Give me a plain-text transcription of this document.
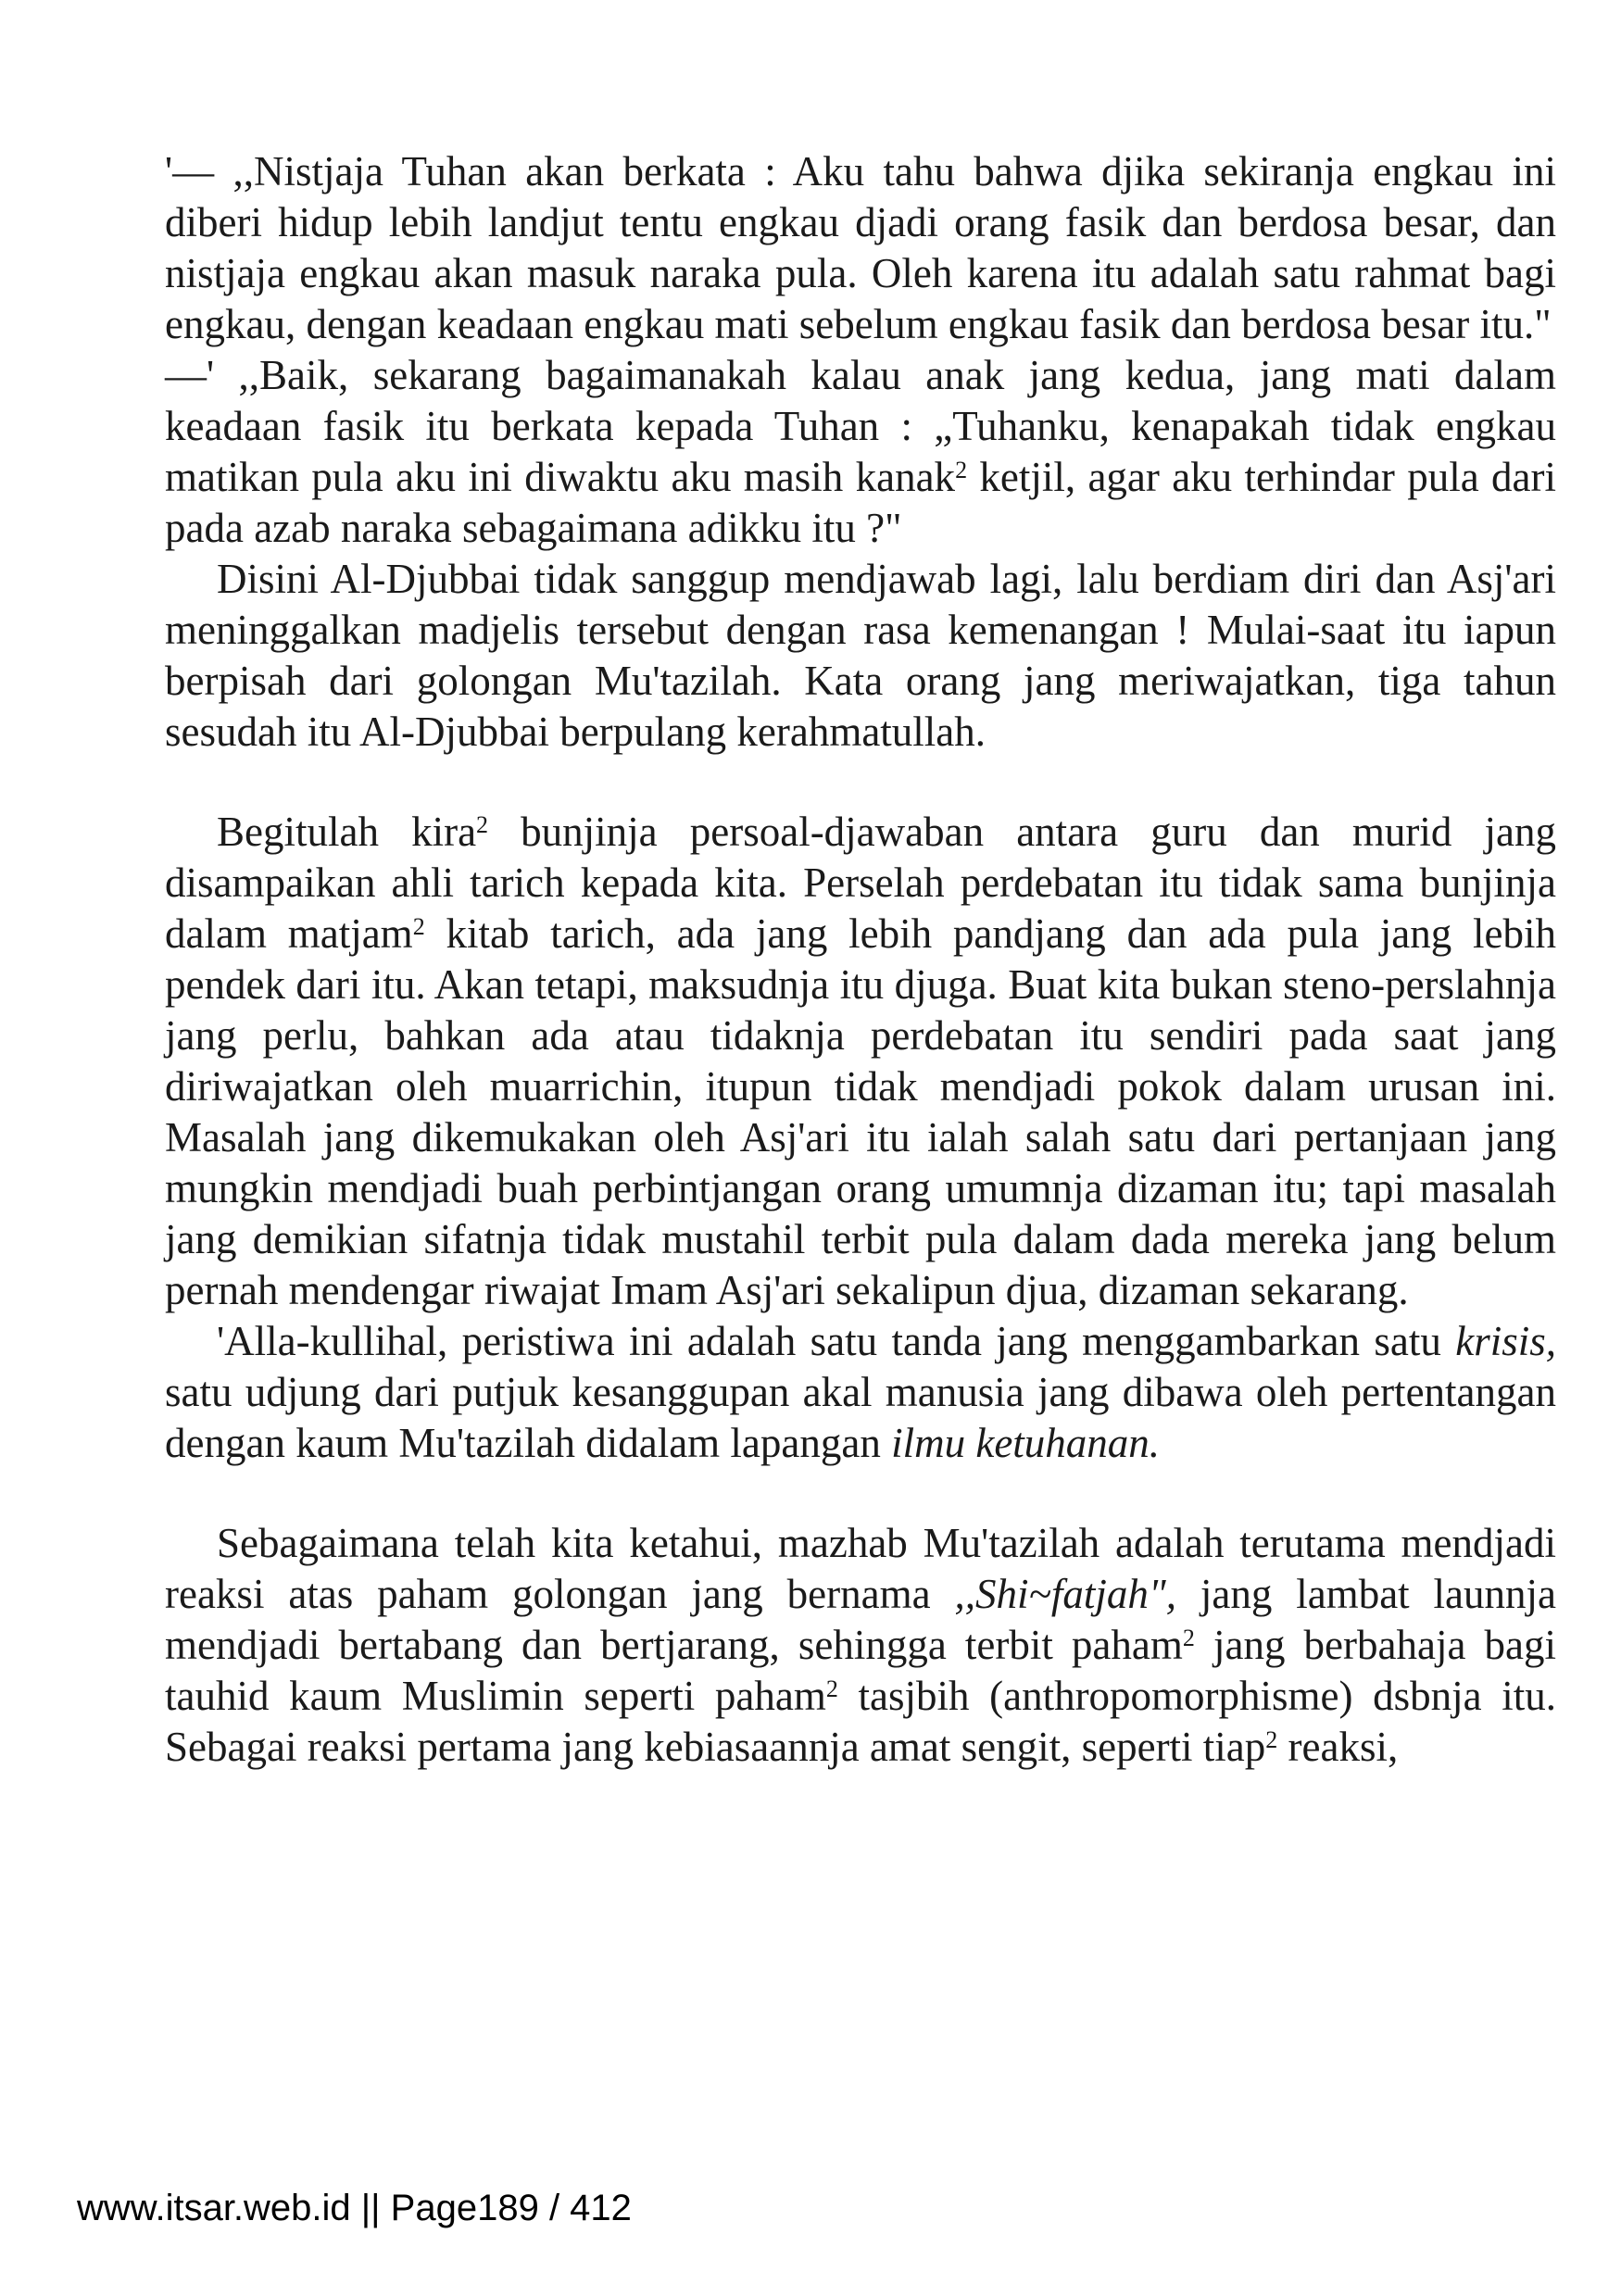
'— ,,Nistjaja Tuhan akan berkata : Aku tahu bahwa djika sekiranja engkau ini diberi hidup lebih landjut tentu engkau djadi orang fasik dan berdosa besar, dan nistjaja engkau akan masuk naraka pula. Oleh karena itu adalah satu rahmat bagi engkau, dengan keadaan engkau mati sebelum engkau fasik dan berdosa besar itu."

—' ,,Baik, sekarang bagaimanakah kalau anak jang kedua, jang mati dalam keadaan fasik itu berkata kepada Tuhan : „Tuhanku, kenapakah tidak engkau matikan pula aku ini diwaktu aku masih kanak$^2$ ketjil, agar aku terhindar pula dari pada azab naraka sebagaimana adikku itu ?"

Disini Al-Djubbai tidak sanggup mendjawab lagi, lalu berdiam diri dan Asj'ari meninggalkan madjelis tersebut dengan rasa kemenangan ! Mulai-saat itu iapun berpisah dari golongan Mu'tazilah. Kata orang jang meriwajatkan, tiga tahun sesudah itu Al-Djubbai berpulang kerahmatullah.

Begitulah kira$^2$ bunjinja persoal-djawaban antara guru dan murid jang disampaikan ahli tarich kepada kita. Perselah perdebatan itu tidak sama bunjinja dalam matjam$^2$ kitab tarich, ada jang lebih pandjang dan ada pula jang lebih pendek dari itu. Akan tetapi, maksudnja itu djuga. Buat kita bukan steno-perslahnja jang perlu, bahkan ada atau tidaknja perdebatan itu sendiri pada saat jang diriwajatkan oleh muarrichin, itupun tidak mendjadi pokok dalam urusan ini. Masalah jang dikemukakan oleh Asj'ari itu ialah salah satu dari pertanjaan jang mungkin mendjadi buah perbintjangan orang umumnja dizaman itu; tapi masalah jang demikian sifatnja tidak mustahil terbit pula dalam dada mereka jang belum pernah mendengar riwajat Imam Asj'ari sekalipun djua, dizaman sekarang.

'Alla-kullihal, peristiwa ini adalah satu tanda jang menggambarkan satu krisis, satu udjung dari putjuk kesanggupan akal manusia jang dibawa oleh pertentangan dengan kaum Mu'tazilah didalam lapangan ilmu ketuhanan.

Sebagaimana telah kita ketahui, mazhab Mu'tazilah adalah terutama mendjadi reaksi atas paham golongan jang bernama ,,Shi~fatjah", jang lambat launnja mendjadi bertabang dan bertjarang, sehingga terbit paham$^2$ jang berbahaja bagi tauhid kaum Muslimin seperti paham$^2$ tasjbih (anthropomorphisme) dsbnja itu. Sebagai reaksi pertama jang kebiasaannja amat sengit, seperti tiap$^2$ reaksi,

www.itsar.web.id || Page189 / 412
